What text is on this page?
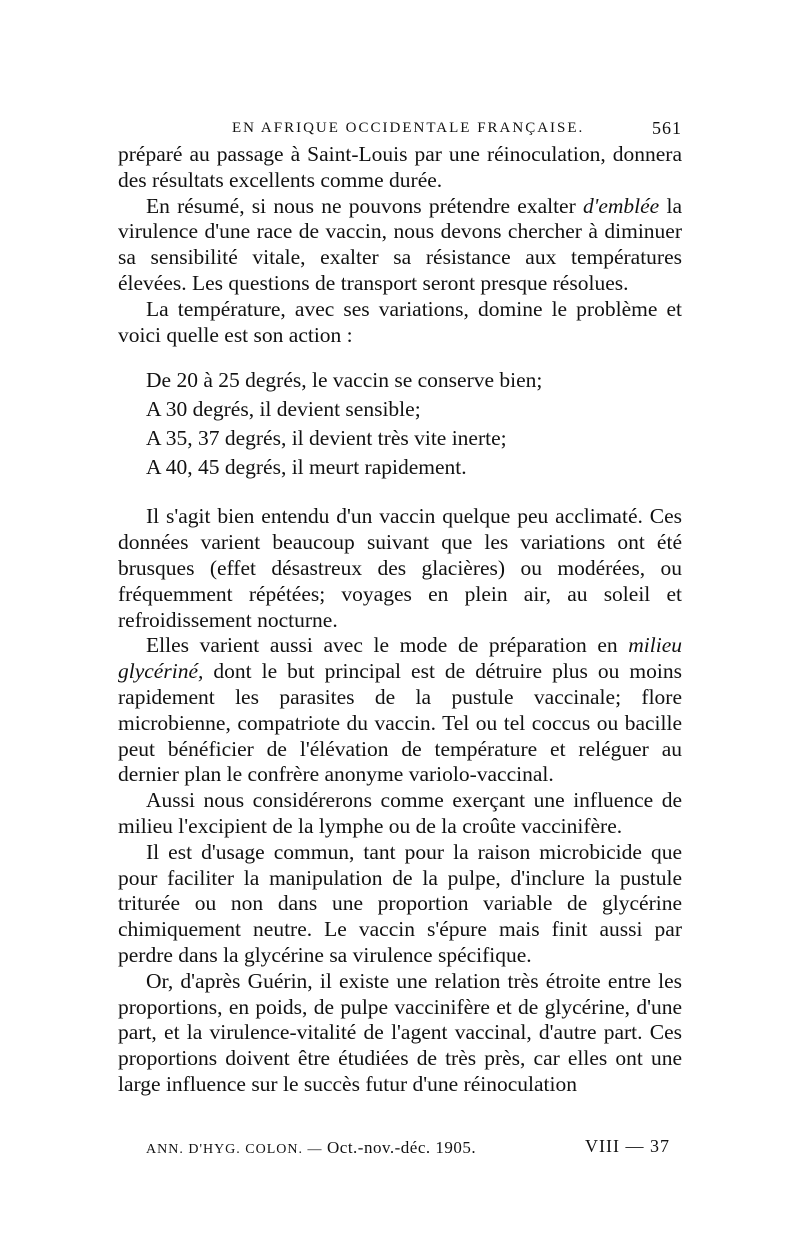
EN AFRIQUE OCCIDENTALE FRANÇAISE.	561

préparé au passage à Saint-Louis par une réinoculation, donnera des résultats excellents comme durée.

En résumé, si nous ne pouvons prétendre exalter d'emblée la virulence d'une race de vaccin, nous devons chercher à diminuer sa sensibilité vitale, exalter sa résistance aux températures élevées. Les questions de transport seront presque résolues.

La température, avec ses variations, domine le problème et voici quelle est son action :

De 20 à 25 degrés, le vaccin se conserve bien;
A 30 degrés, il devient sensible;
A 35, 37 degrés, il devient très vite inerte;
A 40, 45 degrés, il meurt rapidement.

Il s'agit bien entendu d'un vaccin quelque peu acclimaté. Ces données varient beaucoup suivant que les variations ont été brusques (effet désastreux des glacières) ou modérées, ou fréquemment répétées; voyages en plein air, au soleil et refroidissement nocturne.

Elles varient aussi avec le mode de préparation en milieu glycériné, dont le but principal est de détruire plus ou moins rapidement les parasites de la pustule vaccinale; flore microbienne, compatriote du vaccin. Tel ou tel coccus ou bacille peut bénéficier de l'élévation de température et reléguer au dernier plan le confrère anonyme variolo-vaccinal.

Aussi nous considérerons comme exerçant une influence de milieu l'excipient de la lymphe ou de la croûte vaccinifère.

Il est d'usage commun, tant pour la raison microbicide que pour faciliter la manipulation de la pulpe, d'inclure la pustule triturée ou non dans une proportion variable de glycérine chimiquement neutre. Le vaccin s'épure mais finit aussi par perdre dans la glycérine sa virulence spécifique.

Or, d'après Guérin, il existe une relation très étroite entre les proportions, en poids, de pulpe vaccinifère et de glycérine, d'une part, et la virulence-vitalité de l'agent vaccinal, d'autre part. Ces proportions doivent être étudiées de très près, car elles ont une large influence sur le succès futur d'une réinoculation

ANN. D'HYG. COLON. — Oct.-nov.-déc. 1905.	VIII — 37
